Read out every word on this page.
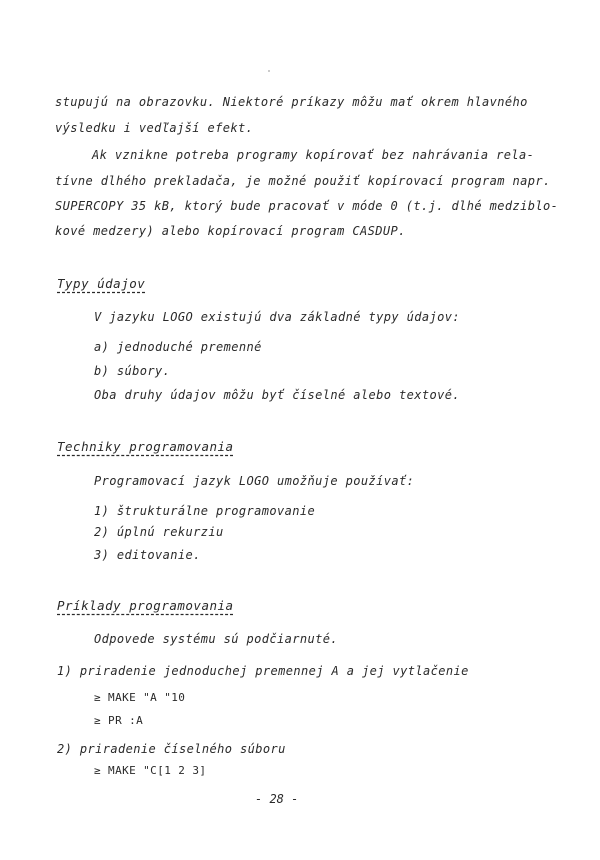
stupujú na obrazovku. Niektoré príkazy môžu mať okrem hlavného
výsledku i vedľajší efekt.
Ak vznikne potreba programy kopírovať bez nahrávania rela-
tívne dlhého prekladača, je možné použiť kopírovací program napr.
SUPERCOPY 35 kB, ktorý bude pracovať v móde 0 (t.j. dlhé medziblo-
kové medzery) alebo kopírovací program CASDUP.
Typy údajov
V jazyku LOGO existujú dva základné typy údajov:
a) jednoduché premenné
b) súbory.
Oba druhy údajov môžu byť číselné alebo textové.
Techniky programovania
Programovací jazyk LOGO umožňuje používať:
1) štrukturálne programovanie
2) úplnú rekurziu
3) editovanie.
Príklady programovania
Odpovede systému sú podčiarnuté.
1) priradenie jednoduchej premennej A a jej vytlačenie
≥ MAKE "A "10
≥ PR :A
2) priradenie číselného súboru
≥ MAKE "C[1 2 3]
- 28 -
